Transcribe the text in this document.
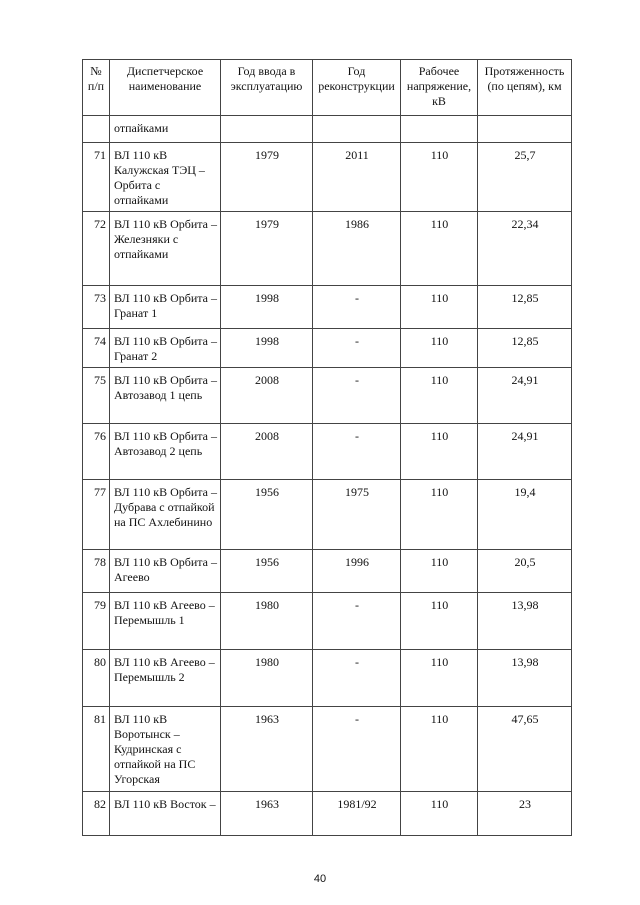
№ п/п	Диспетчерское наименование	Год ввода в эксплуатацию	Год реконструкции	Рабочее напряжение, кВ	Протяженность (по цепям), км
	отпайками				
71	ВЛ 110 кВ Калужская ТЭЦ – Орбита с отпайками	1979	2011	110	25,7
72	ВЛ 110 кВ Орбита – Железняки с отпайками	1979	1986	110	22,34
73	ВЛ 110 кВ Орбита – Гранат 1	1998	-	110	12,85
74	ВЛ 110 кВ Орбита – Гранат 2	1998	-	110	12,85
75	ВЛ 110 кВ Орбита – Автозавод 1 цепь	2008	-	110	24,91
76	ВЛ 110 кВ Орбита – Автозавод 2 цепь	2008	-	110	24,91
77	ВЛ 110 кВ Орбита – Дубрава с отпайкой на ПС Ахлебинино	1956	1975	110	19,4
78	ВЛ 110 кВ Орбита – Агеево	1956	1996	110	20,5
79	ВЛ 110 кВ Агеево – Перемышль 1	1980	-	110	13,98
80	ВЛ 110 кВ Агеево – Перемышль 2	1980	-	110	13,98
81	ВЛ 110 кВ Воротынск – Кудринская с отпайкой на ПС Угорская	1963	-	110	47,65
82	ВЛ 110 кВ Восток –	1963	1981/92	110	23
40
